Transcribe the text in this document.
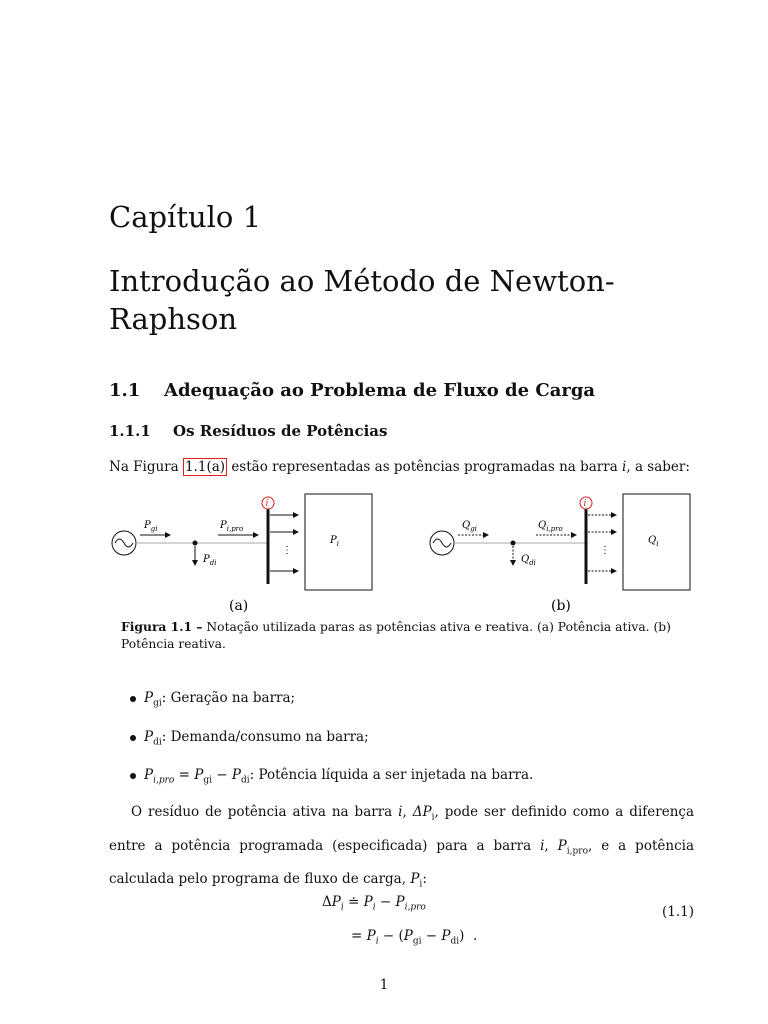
Capítulo 1
Introdução ao Método de Newton-Raphson
1.1 Adequação ao Problema de Fluxo de Carga
1.1.1 Os Resíduos de Potências
Na Figura 1.1(a) estão representadas as potências programadas na barra i, a saber:
$P_{gi}$
$P_{di}$
$P_{i,pro}$
i
⋮
$P_i$
(a)
$Q_{gi}$
$Q_{di}$
$Q_{i,pro}$
i
⋮
$Q_i$
(b)
Figura 1.1 – Notação utilizada paras as potências ativa e reativa. (a) Potência ativa. (b) Potência reativa.
$P_{gi}$: Geração na barra;
$P_{di}$: Demanda/consumo na barra;
$P_{i,pro} = P_{gi} - P_{di}$: Potência líquida a ser injetada na barra.
O resíduo de potência ativa na barra i, $\Delta P_i$, pode ser definido como a diferença entre a potência programada (especificada) para a barra i, $P_{i,pro}$, e a potência calculada pelo programa de fluxo de carga, $P_i$:
$\Delta P_i$ ≐ $P_i - P_{i,pro}$
= $P_i - (P_{gi} - P_{di})$  .
(1.1)
1
